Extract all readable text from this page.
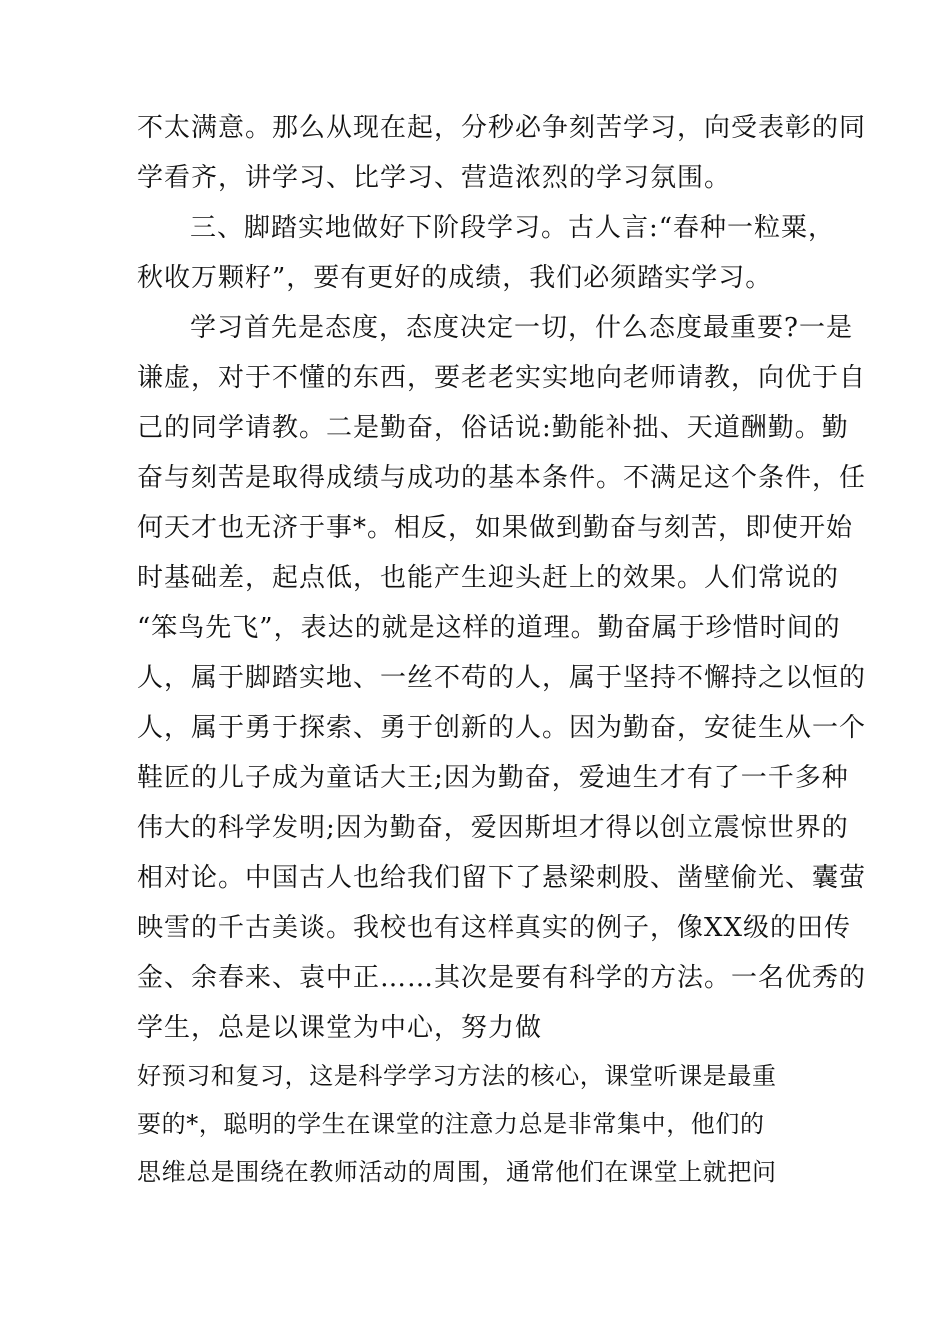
不太满意。那么从现在起，分秒必争刻苦学习，向受表彰的同
学看齐，讲学习、比学习、营造浓烈的学习氛围。
三、脚踏实地做好下阶段学习。古人言:“春种一粒粟，
秋收万颗籽”，要有更好的成绩，我们必须踏实学习。
学习首先是态度，态度决定一切，什么态度最重要?一是
谦虚，对于不懂的东西，要老老实实地向老师请教，向优于自
己的同学请教。二是勤奋，俗话说:勤能补拙、天道酬勤。勤
奋与刻苦是取得成绩与成功的基本条件。不满足这个条件，任
何天才也无济于事*。相反，如果做到勤奋与刻苦，即使开始
时基础差，起点低，也能产生迎头赶上的效果。人们常说的
“笨鸟先飞”，表达的就是这样的道理。勤奋属于珍惜时间的
人，属于脚踏实地、一丝不苟的人，属于坚持不懈持之以恒的
人，属于勇于探索、勇于创新的人。因为勤奋，安徒生从一个
鞋匠的儿子成为童话大王;因为勤奋，爱迪生才有了一千多种
伟大的科学发明;因为勤奋，爱因斯坦才得以创立震惊世界的
相对论。中国古人也给我们留下了悬梁刺股、凿壁偷光、囊萤
映雪的千古美谈。我校也有这样真实的例子，像XX级的田传
金、余春来、袁中正……其次是要有科学的方法。一名优秀的
学生，总是以课堂为中心，努力做
好预习和复习，这是科学学习方法的核心，课堂听课是最重
要的*，聪明的学生在课堂的注意力总是非常集中，他们的
思维总是围绕在教师活动的周围，通常他们在课堂上就把问
